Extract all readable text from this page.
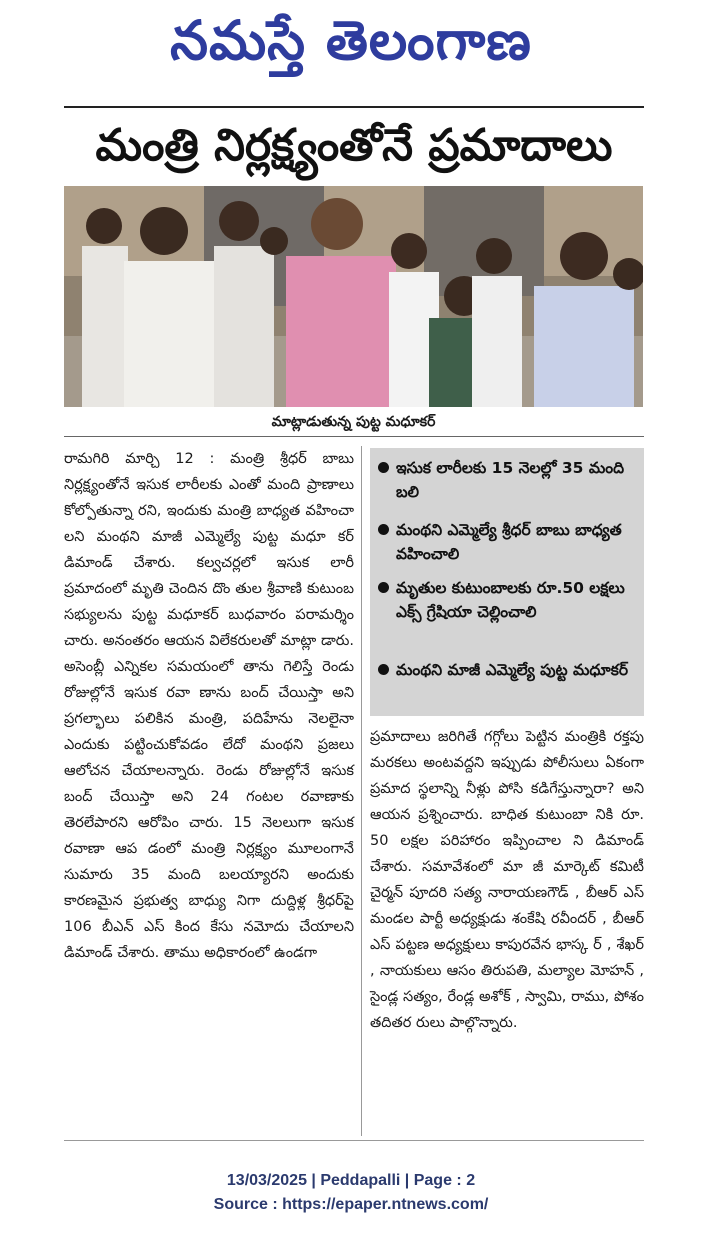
నమస్తే తెలంగాణ
మంత్రి నిర్లక్ష్యంతోనే ప్రమాదాలు
మాట్లాడుతున్న పుట్ట మధూకర్

రామగిరి మార్చి 12 : మంత్రి శ్రీధర్ బాబు నిర్లక్ష్యంతోనే ఇసుక లారీలకు ఎంతో మంది ప్రాణాలు కోల్పోతున్నా రని, ఇందుకు మంత్రి బాధ్యత వహించా లని మంథని మాజీ ఎమ్మెల్యే పుట్ట మధూ కర్ డిమాండ్ చేశారు. కల్వచర్లలో ఇసుక లారీ ప్రమాదంలో మృతి చెందిన దొం తుల శ్రీవాణి కుటుంబ సభ్యులను పుట్ట మధూకర్ బుధవారం పరామర్శిం చారు. అనంతరం ఆయన విలేకరులతో మాట్లా డారు. అసెంబ్లీ ఎన్నికల సమయంలో తాను గెలిస్తే రెండు రోజుల్లోనే ఇసుక రవా ణాను బంద్ చేయిస్తా అని ప్రగల్భాలు పలికిన మంత్రి, పదిహేను నెలలైనా ఎందుకు పట్టించుకోవడం లేదో మంథని ప్రజలు ఆలోచన చేయాలన్నారు. రెండు రోజుల్లోనే ఇసుక బంద్ చేయిస్తా అని 24 గంటల రవాణాకు తెరలేపారని ఆరోపిం చారు. 15 నెలలుగా ఇసుక రవాణా ఆప డంలో మంత్రి నిర్లక్ష్యం మూలంగానే సుమారు 35 మంది బలయ్యారని అందుకు కారణమైన ప్రభుత్వ బాధ్యు నిగా దుద్దిళ్ల శ్రీధర్‌పై 106 బీఎన్ ఎస్ కింద కేసు నమోదు చేయాలని డిమాండ్ చేశారు. తాము అధికారంలో ఉండగా

ఇసుక లారీలకు 15 నెలల్లో 35 మంది బలి
మంథని ఎమ్మెల్యే శ్రీధర్ బాబు బాధ్యత వహించాలి
మృతుల కుటుంబాలకు రూ.50 లక్షలు ఎక్స్ గ్రేషియా చెల్లించాలి
మంథని మాజీ ఎమ్మెల్యే పుట్ట మధూకర్

ప్రమాదాలు జరిగితే గగ్గోలు పెట్టిన మంత్రికి రక్తపు మరకలు అంటవద్దని ఇప్పుడు పోలీసులు ఏకంగా ప్రమాద స్థలాన్ని నీళ్లు పోసి కడిగేస్తున్నారా? అని ఆయన ప్రశ్నించారు. బాధిత కుటుంబా నికి రూ. 50 లక్షల పరిహారం ఇప్పించాల ని డిమాండ్ చేశారు. సమావేశంలో మా జీ మార్కెట్ కమిటీ చైర్మన్ పూదరి సత్య నారాయణగౌడ్ , బీఆర్ ఎస్ మండల పార్టీ అధ్యక్షుడు శంకేషి రవీందర్ , బీఆర్ ఎస్ పట్టణ అధ్యక్షులు కాపురవేన భాస్క ర్ , శేఖర్ , నాయకులు ఆసం తిరుపతి, మల్యాల మోహన్ , సైండ్ల సత్యం, రేండ్ల అశోక్ , స్వామి, రాము, పోశం తదితర రులు పాల్గొన్నారు.

13/03/2025 | Peddapalli | Page : 2
Source : https://epaper.ntnews.com/
